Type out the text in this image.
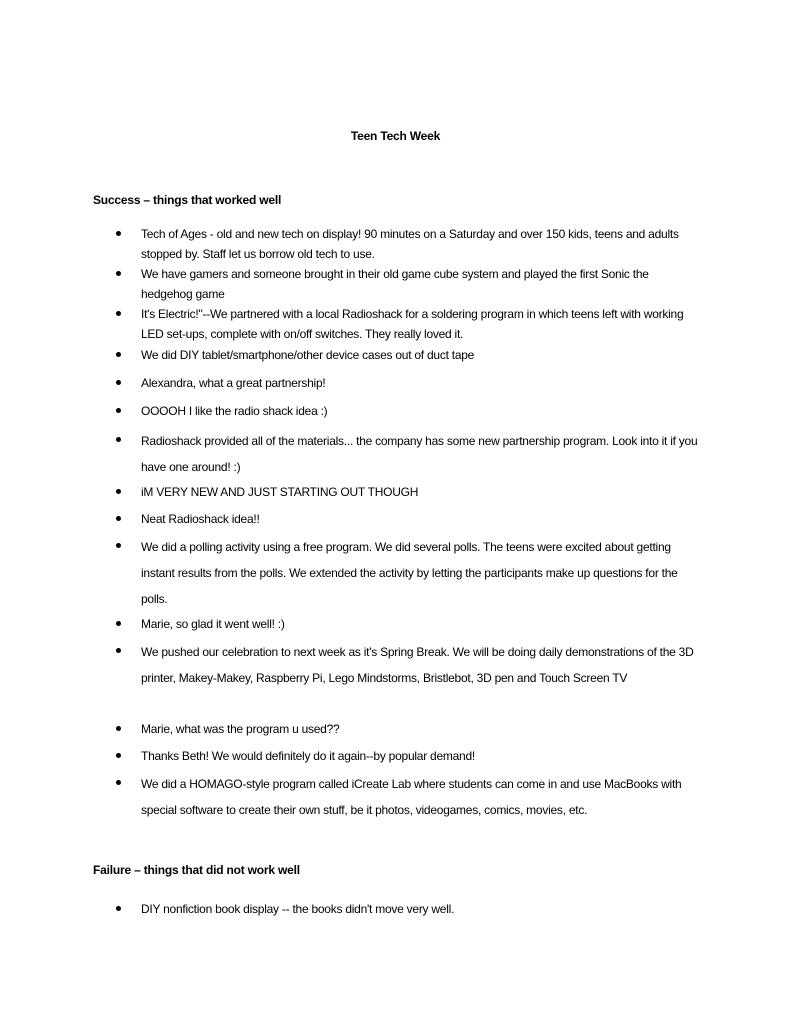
Teen Tech Week
Success – things that worked well
Tech of Ages - old and new tech on display! 90 minutes on a Saturday and over 150 kids, teens and adults stopped by. Staff let us borrow old tech to use.
We have gamers and someone brought in their old game cube system and played the first Sonic the hedgehog game
It's Electric!"--We partnered with a local Radioshack for a soldering program in which teens left with working LED set-ups, complete with on/off switches. They really loved it.
We did DIY tablet/smartphone/other device cases out of duct tape
Alexandra, what a great partnership!
OOOOH I like the radio shack idea :)
Radioshack provided all of the materials... the company has some new partnership program. Look into it if you have one around! :)
iM VERY NEW AND JUST STARTING OUT THOUGH
Neat Radioshack idea!!
We did a polling activity using a free program. We did several polls. The teens were excited about getting instant results from the polls. We extended the activity by letting the participants make up questions for the polls.
Marie, so glad it went well! :)
We pushed our celebration to next week as it's Spring Break. We will be doing daily demonstrations of the 3D printer, Makey-Makey, Raspberry Pi, Lego Mindstorms, Bristlebot, 3D pen and Touch Screen TV
Marie, what was the program u used??
Thanks Beth! We would definitely do it again--by popular demand!
We did a HOMAGO-style program called iCreate Lab where students can come in and use MacBooks with special software to create their own stuff, be it photos, videogames, comics, movies, etc.
Failure – things that did not work well
DIY nonfiction book display -- the books didn't move very well.
